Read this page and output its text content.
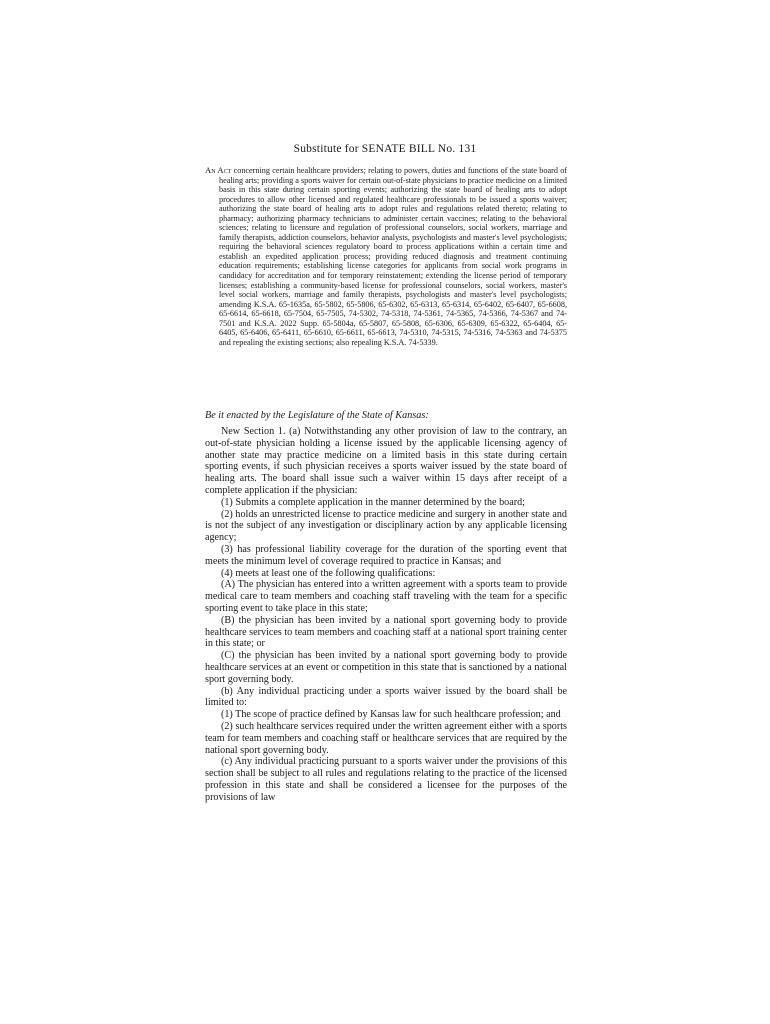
Substitute for SENATE BILL No. 131
An Act concerning certain healthcare providers; relating to powers, duties and functions of the state board of healing arts; providing a sports waiver for certain out-of-state physicians to practice medicine on a limited basis in this state during certain sporting events; authorizing the state board of healing arts to adopt procedures to allow other licensed and regulated healthcare professionals to be issued a sports waiver; authorizing the state board of healing arts to adopt rules and regulations related thereto; relating to pharmacy; authorizing pharmacy technicians to administer certain vaccines; relating to the behavioral sciences; relating to licensure and regulation of professional counselors, social workers, marriage and family therapists, addiction counselors, behavior analysts, psychologists and master's level psychologists; requiring the behavioral sciences regulatory board to process applications within a certain time and establish an expedited application process; providing reduced diagnosis and treatment continuing education requirements; establishing license categories for applicants from social work programs in candidacy for accreditation and for temporary reinstatement; extending the license period of temporary licenses; establishing a community-based license for professional counselors, social workers, master's level social workers, marriage and family therapists, psychologists and master's level psychologists; amending K.S.A. 65-1635a, 65-5802, 65-5806, 65-6302, 65-6313, 65-6314, 65-6402, 65-6407, 65-6608, 65-6614, 65-6618, 65-7504, 65-7505, 74-5302, 74-5318, 74-5361, 74-5365, 74-5366, 74-5367 and 74-7501 and K.S.A. 2022 Supp. 65-5804a, 65-5807, 65-5808, 65-6306, 65-6309, 65-6322, 65-6404, 65-6405, 65-6406, 65-6411, 65-6610, 65-6611, 65-6613, 74-5310, 74-5315, 74-5316, 74-5363 and 74-5375 and repealing the existing sections; also repealing K.S.A. 74-5339.
Be it enacted by the Legislature of the State of Kansas:

New Section 1. (a) Notwithstanding any other provision of law to the contrary, an out-of-state physician holding a license issued by the applicable licensing agency of another state may practice medicine on a limited basis in this state during certain sporting events, if such physician receives a sports waiver issued by the state board of healing arts. The board shall issue such a waiver within 15 days after receipt of a complete application if the physician:

(1) Submits a complete application in the manner determined by the board;

(2) holds an unrestricted license to practice medicine and surgery in another state and is not the subject of any investigation or disciplinary action by any applicable licensing agency;

(3) has professional liability coverage for the duration of the sporting event that meets the minimum level of coverage required to practice in Kansas; and

(4) meets at least one of the following qualifications:

(A) The physician has entered into a written agreement with a sports team to provide medical care to team members and coaching staff traveling with the team for a specific sporting event to take place in this state;

(B) the physician has been invited by a national sport governing body to provide healthcare services to team members and coaching staff at a national sport training center in this state; or

(C) the physician has been invited by a national sport governing body to provide healthcare services at an event or competition in this state that is sanctioned by a national sport governing body.

(b) Any individual practicing under a sports waiver issued by the board shall be limited to:

(1) The scope of practice defined by Kansas law for such healthcare profession; and

(2) such healthcare services required under the written agreement either with a sports team for team members and coaching staff or healthcare services that are required by the national sport governing body.

(c) Any individual practicing pursuant to a sports waiver under the provisions of this section shall be subject to all rules and regulations relating to the practice of the licensed profession in this state and shall be considered a licensee for the purposes of the provisions of law
